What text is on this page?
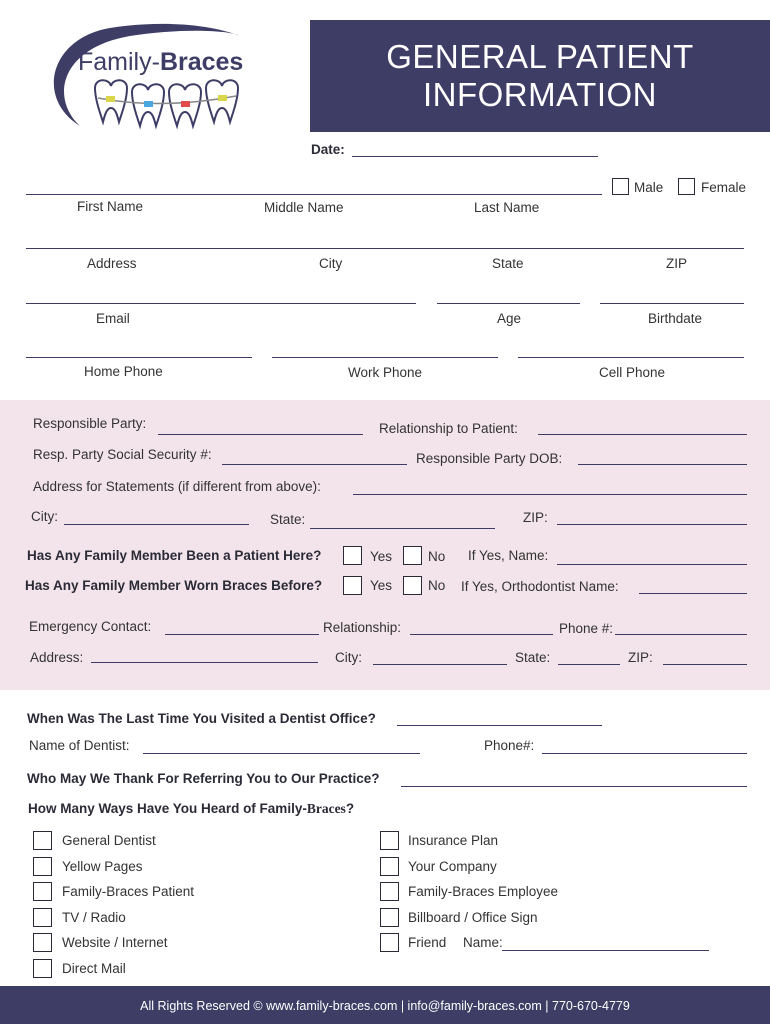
Family-Braces	GENERAL PATIENT
INFORMATION
Date:
Male	Female
First Name	Middle Name	Last Name
Address	City	State	ZIP
Email	Age	Birthdate
Home Phone	Work Phone	Cell Phone
Responsible Party:	Relationship to Patient:
Resp. Party Social Security #:	Responsible Party DOB:
Address for Statements (if different from above):
City:	State:	ZIP:
Has Any Family Member Been a Patient Here?	Yes	No If Yes, Name:
Has Any Family Member Worn Braces Before?	Yes	No If Yes, Orthodontist Name:
Emergency Contact:	Relationship:	Phone #:
Address:	City:	State:	ZIP:
When Was The Last Time You Visited a Dentist Office?
Name of Dentist:	Phone#:
Who May We Thank For Referring You to Our Practice?
How Many Ways Have You Heard of Family-Braces?
General Dentist
Yellow Pages
Family-Braces Patient
TV / Radio
Website / Internet
Direct Mail
Insurance Plan
Your Company
Family-Braces Employee
Billboard / Office Sign
Friend Name:
All Rights Reserved © www.family-braces.com | info@family-braces.com | 770-670-4779
